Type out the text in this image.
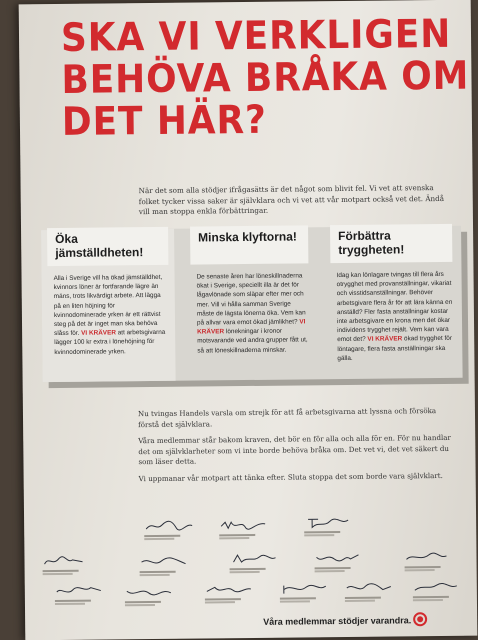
SKA VI VERKLIGEN
BEHÖVA BRÅKA OM
DET HÄR?
När det som alla stödjer ifrågasätts är det något som blivit fel. Vi vet att svenska folket tycker vissa saker är självklara och vi vet att vår motpart också vet det. Ändå vill man stoppa enkla förbättringar.
Öka jämställdheten!
Alla i Sverige vill ha ökad jämställdhet, kvinnors löner är fortfarande lägre än mäns, trots likvärdigt arbete. Att lägga på en liten höjning för kvinnodominerade yrken är ett rättvist steg på det är inget man ska behöva slåss för. VI KRÄVER att arbetsgivarna lägger 100 kr extra i lönehöjning för kvinnodominerade yrken.
Minska klyftorna!
De senaste åren har löneskillnaderna ökat i Sverige, speciellt illa är det för lågavlönade som släpar efter mer och mer. Vill vi hålla samman Sverige måste de lägsta lönerna öka. Vem kan på allvar vara emot ökad jämlikhet? VI KRÄVER lönekningar i kronor motsvarande ved andra grupper fått ut, så att löneskillnaderna minskar.
Förbättra tryggheten!
Idag kan lönlagare tvingas till flera års otrygghet med provanställningar, vikariat och visstidsanställningar. Behöver arbetsgivare flera år för att lära känna en anställd? Fler fasta anställningar kostar inte arbetsgivare en krona men det ökar individens trygghet rejält. Vem kan vara emot det? VI KRÄVER ökad trygghet för löntagare, flera fasta anställningar ska gälla.

Nu tvingas Handels varsla om strejk för att få arbetsgivarna att lyssna och försöka förstå det självklara.

Våra medlemmar står bakom kraven, det bör en för alla och alla för en. För nu handlar det om självklarheter som vi inte borde behöva bråka om. Det vet vi, det vet säkert du som läser detta.

Vi uppmanar vår motpart att tänka efter. Sluta stoppa det som borde vara självklart.

Våra medlemmar stödjer varandra.
